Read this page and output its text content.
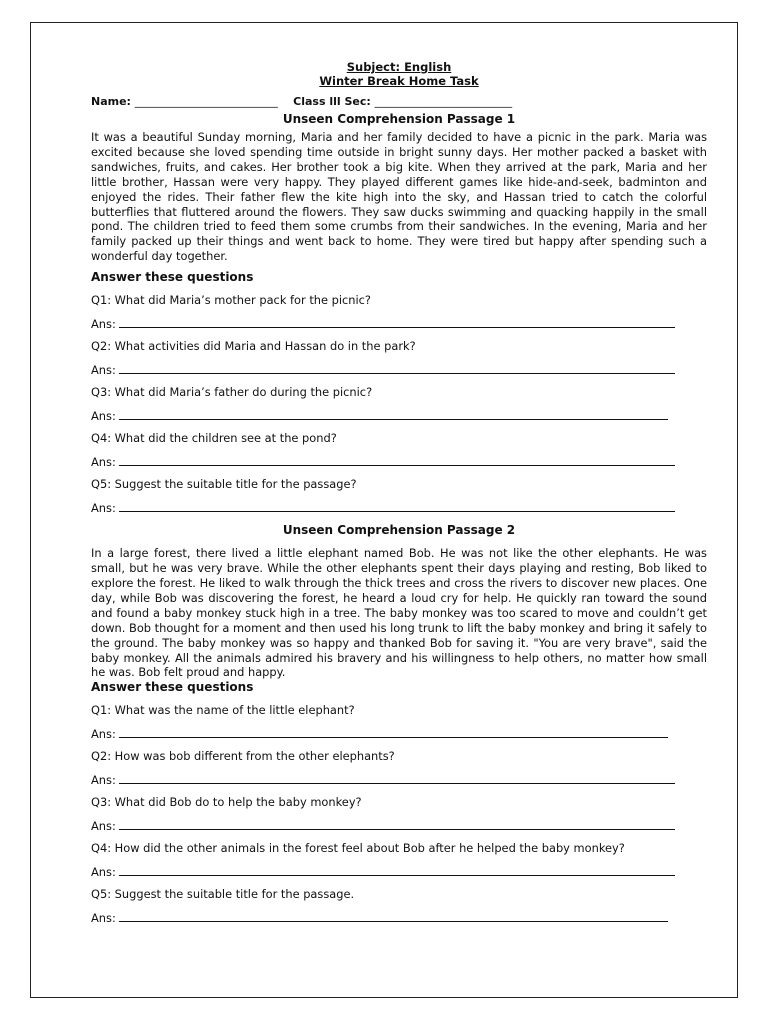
Subject: English
Winter Break Home Task
Name: __________________________ Class lll Sec: _________________________
Unseen Comprehension Passage 1

It was a beautiful Sunday morning, Maria and her family decided to have a picnic in the park. Maria was excited because she loved spending time outside in bright sunny days. Her mother packed a basket with sandwiches, fruits, and cakes. Her brother took a big kite. When they arrived at the park, Maria and her little brother, Hassan were very happy. They played different games like hide-and-seek, badminton and enjoyed the rides. Their father flew the kite high into the sky, and Hassan tried to catch the colorful butterflies that fluttered around the flowers. They saw ducks swimming and quacking happily in the small pond. The children tried to feed them some crumbs from their sandwiches. In the evening, Maria and her family packed up their things and went back to home. They were tired but happy after spending such a wonderful day together.

Answer these questions
Q1: What did Maria’s mother pack for the picnic?
Ans:
Q2: What activities did Maria and Hassan do in the park?
Ans:
Q3: What did Maria’s father do during the picnic?
Ans:
Q4: What did the children see at the pond?
Ans:
Q5: Suggest the suitable title for the passage?
Ans:
Unseen Comprehension Passage 2

In a large forest, there lived a little elephant named Bob. He was not like the other elephants. He was small, but he was very brave. While the other elephants spent their days playing and resting, Bob liked to explore the forest. He liked to walk through the thick trees and cross the rivers to discover new places. One day, while Bob was discovering the forest, he heard a loud cry for help. He quickly ran toward the sound and found a baby monkey stuck high in a tree. The baby monkey was too scared to move and couldn’t get down. Bob thought for a moment and then used his long trunk to lift the baby monkey and bring it safely to the ground. The baby monkey was so happy and thanked Bob for saving it. "You are very brave", said the baby monkey. All the animals admired his bravery and his willingness to help others, no matter how small he was. Bob felt proud and happy.

Answer these questions
Q1: What was the name of the little elephant?
Ans:
Q2: How was bob different from the other elephants?
Ans:
Q3: What did Bob do to help the baby monkey?
Ans:
Q4: How did the other animals in the forest feel about Bob after he helped the baby monkey?
Ans:
Q5: Suggest the suitable title for the passage.
Ans:
